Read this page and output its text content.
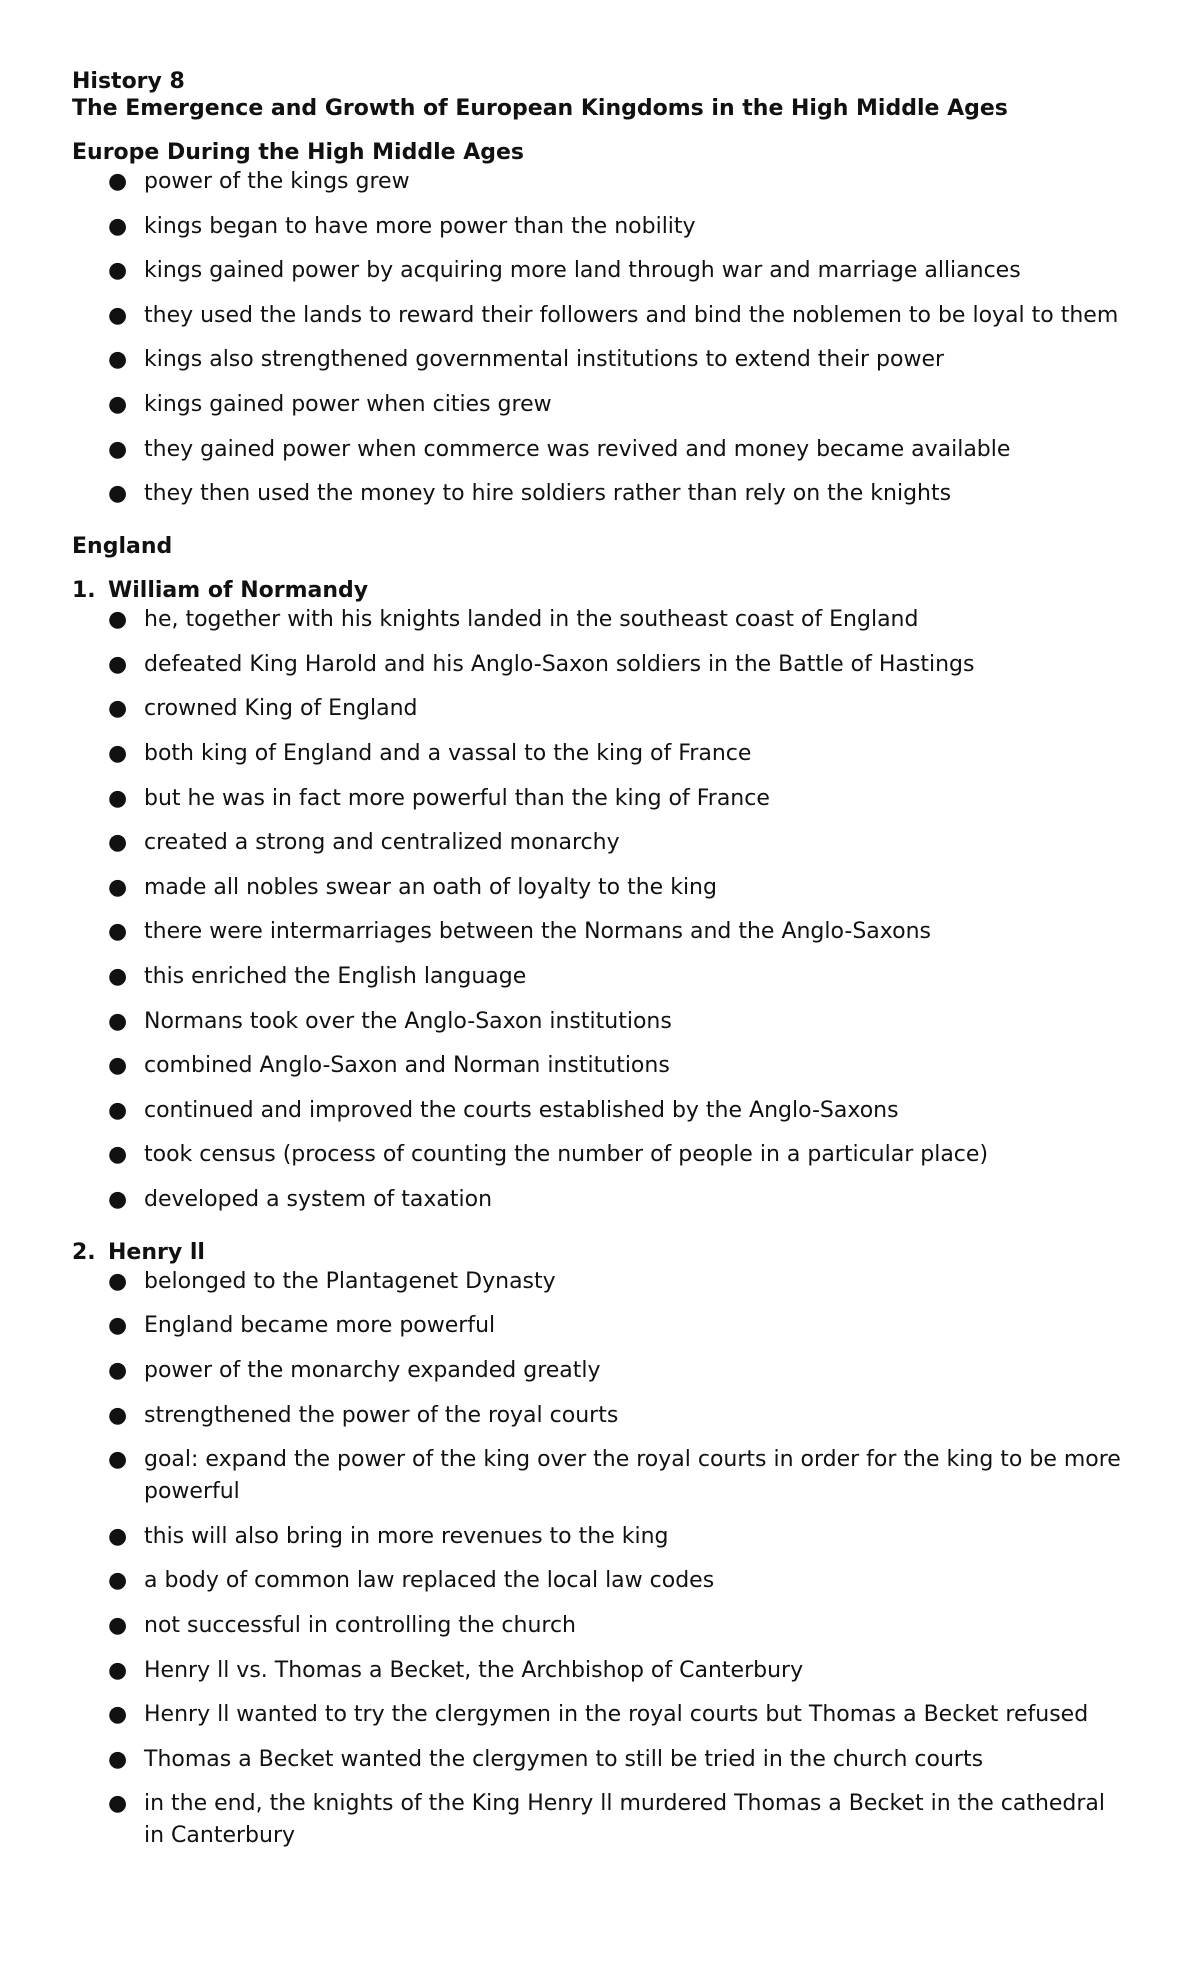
History 8

The Emergence and Growth of European Kingdoms in the High Middle Ages

Europe During the High Middle Ages

● power of the kings grew
● kings began to have more power than the nobility
● kings gained power by acquiring more land through war and marriage alliances
● they used the lands to reward their followers and bind the noblemen to be loyal to them
● kings also strengthened governmental institutions to extend their power
● kings gained power when cities grew
● they gained power when commerce was revived and money became available
● they then used the money to hire soldiers rather than rely on the knights

England

1. William of Normandy
● he, together with his knights landed in the southeast coast of England
● defeated King Harold and his Anglo-Saxon soldiers in the Battle of Hastings
● crowned King of England
● both king of England and a vassal to the king of France
● but he was in fact more powerful than the king of France
● created a strong and centralized monarchy
● made all nobles swear an oath of loyalty to the king
● there were intermarriages between the Normans and the Anglo-Saxons
● this enriched the English language
● Normans took over the Anglo-Saxon institutions
● combined Anglo-Saxon and Norman institutions
● continued and improved the courts established by the Anglo-Saxons
● took census (process of counting the number of people in a particular place)
● developed a system of taxation
2. Henry ll
● belonged to the Plantagenet Dynasty
● England became more powerful
● power of the monarchy expanded greatly
● strengthened the power of the royal courts
● goal: expand the power of the king over the royal courts in order for the king to be more powerful
● this will also bring in more revenues to the king
● a body of common law replaced the local law codes
● not successful in controlling the church
● Henry ll vs. Thomas a Becket, the Archbishop of Canterbury
● Henry ll wanted to try the clergymen in the royal courts but Thomas a Becket refused
● Thomas a Becket wanted the clergymen to still be tried in the church courts
● in the end, the knights of the King Henry ll murdered Thomas a Becket in the cathedral in Canterbury
